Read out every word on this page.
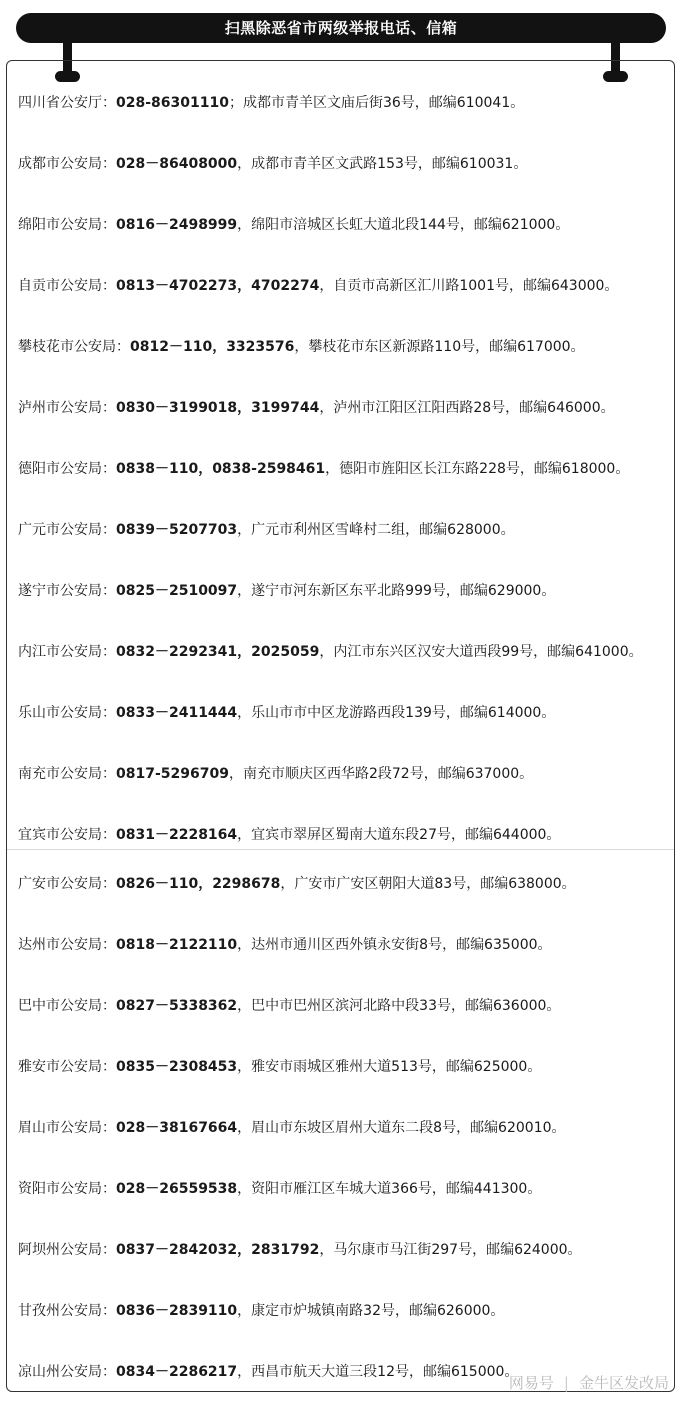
扫黑除恶省市两级举报电话、信箱
四川省公安厅：028-86301110；成都市青羊区文庙后街36号，邮编610041。
成都市公安局：028－86408000，成都市青羊区文武路153号，邮编610031。
绵阳市公安局：0816－2498999，绵阳市涪城区长虹大道北段144号，邮编621000。
自贡市公安局：0813－4702273，4702274，自贡市高新区汇川路1001号，邮编643000。
攀枝花市公安局：0812－110，3323576，攀枝花市东区新源路110号，邮编617000。
泸州市公安局：0830－3199018，3199744，泸州市江阳区江阳西路28号，邮编646000。
德阳市公安局：0838－110，0838-2598461，德阳市旌阳区长江东路228号，邮编618000。
广元市公安局：0839－5207703，广元市利州区雪峰村二组，邮编628000。
遂宁市公安局：0825－2510097，遂宁市河东新区东平北路999号，邮编629000。
内江市公安局：0832－2292341，2025059，内江市东兴区汉安大道西段99号，邮编641000。
乐山市公安局：0833－2411444，乐山市市中区龙游路西段139号，邮编614000。
南充市公安局：0817-5296709，南充市顺庆区西华路2段72号，邮编637000。
宜宾市公安局：0831－2228164，宜宾市翠屏区蜀南大道东段27号，邮编644000。
广安市公安局：0826－110，2298678，广安市广安区朝阳大道83号，邮编638000。
达州市公安局：0818－2122110，达州市通川区西外镇永安街8号，邮编635000。
巴中市公安局：0827－5338362，巴中市巴州区滨河北路中段33号，邮编636000。
雅安市公安局：0835－2308453，雅安市雨城区雅州大道513号，邮编625000。
眉山市公安局：028－38167664，眉山市东坡区眉州大道东二段8号，邮编620010。
资阳市公安局：028－26559538，资阳市雁江区车城大道366号，邮编441300。
阿坝州公安局：0837－2842032，2831792，马尔康市马江街297号，邮编624000。
甘孜州公安局：0836－2839110，康定市炉城镇南路32号，邮编626000。
凉山州公安局：0834－2286217，西昌市航天大道三段12号，邮编615000。
网易号 | 金牛区发改局
